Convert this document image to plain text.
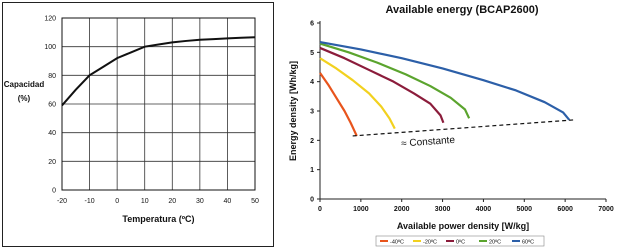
-20 -10	0	10	20	30	40	50
0
20
40
60
80
100
120
Temperatura (ºC)
Capacidad
(%)
Available energy (BCAP2600)
0	1000	2000	3000	4000	5000	6000	7000
0
1
2
3
4
5
6
≈ Constante
Available power density [W/kg]
Energy density [Wh/kg]
-40ºC	-20ºC	0ºC	20ºC	60ºC
